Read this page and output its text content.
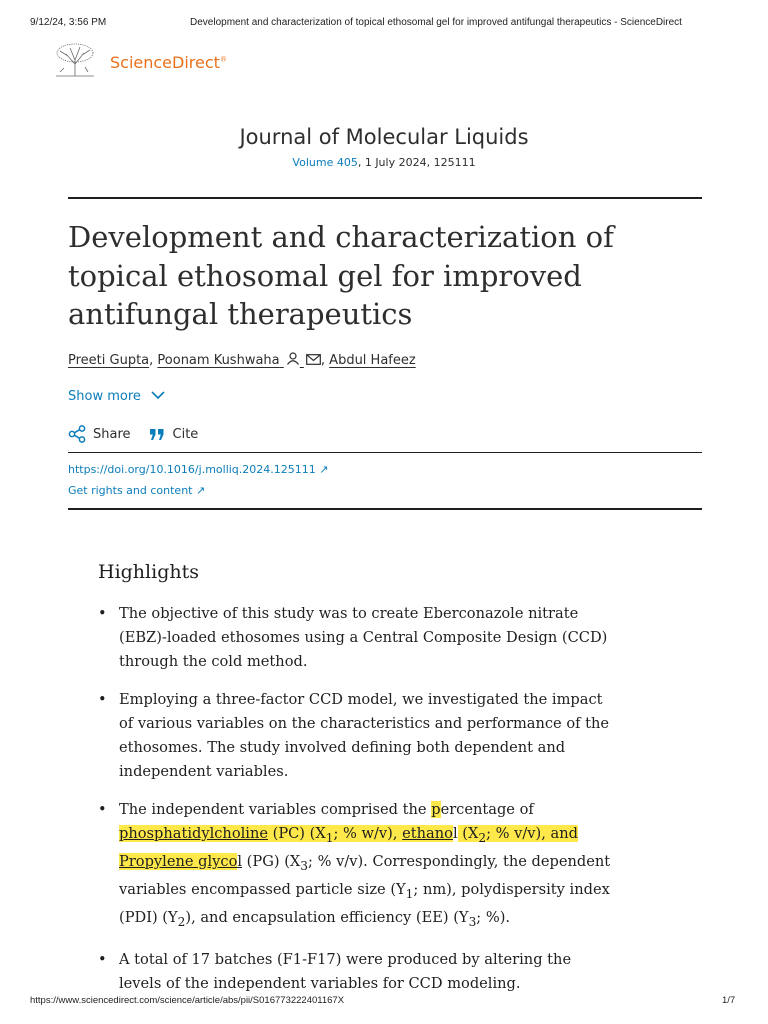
9/12/24, 3:56 PM	Development and characterization of topical ethosomal gel for improved antifungal therapeutics - ScienceDirect
ScienceDirect®
Journal of Molecular Liquids
Volume 405, 1 July 2024, 125111
Development and characterization of topical ethosomal gel for improved antifungal therapeutics
Preeti Gupta, Poonam Kushwaha	, Abdul Hafeez
Show more
Share	Cite
https://doi.org/10.1016/j.molliq.2024.125111 ↗
Get rights and content ↗
Highlights
• The objective of this study was to create Eberconazole nitrate (EBZ)-loaded ethosomes using a Central Composite Design (CCD) through the cold method.
• Employing a three-factor CCD model, we investigated the impact of various variables on the characteristics and performance of the ethosomes. The study involved defining both dependent and independent variables.
• The independent variables comprised the percentage of phosphatidylcholine (PC) ($X_1$; % w/v), ethanol ($X_2$; % v/v), and Propylene glycol (PG) ($X_3$; % v/v). Correspondingly, the dependent variables encompassed particle size ($Y_1$; nm), polydispersity index (PDI) $(Y_2)$, and encapsulation efficiency (EE) ($Y_3$; %).
• A total of 17 batches (F1-F17) were produced by altering the levels of the independent variables for CCD modeling.
https://www.sciencedirect.com/science/article/abs/pii/S016773222401167X	1/7
